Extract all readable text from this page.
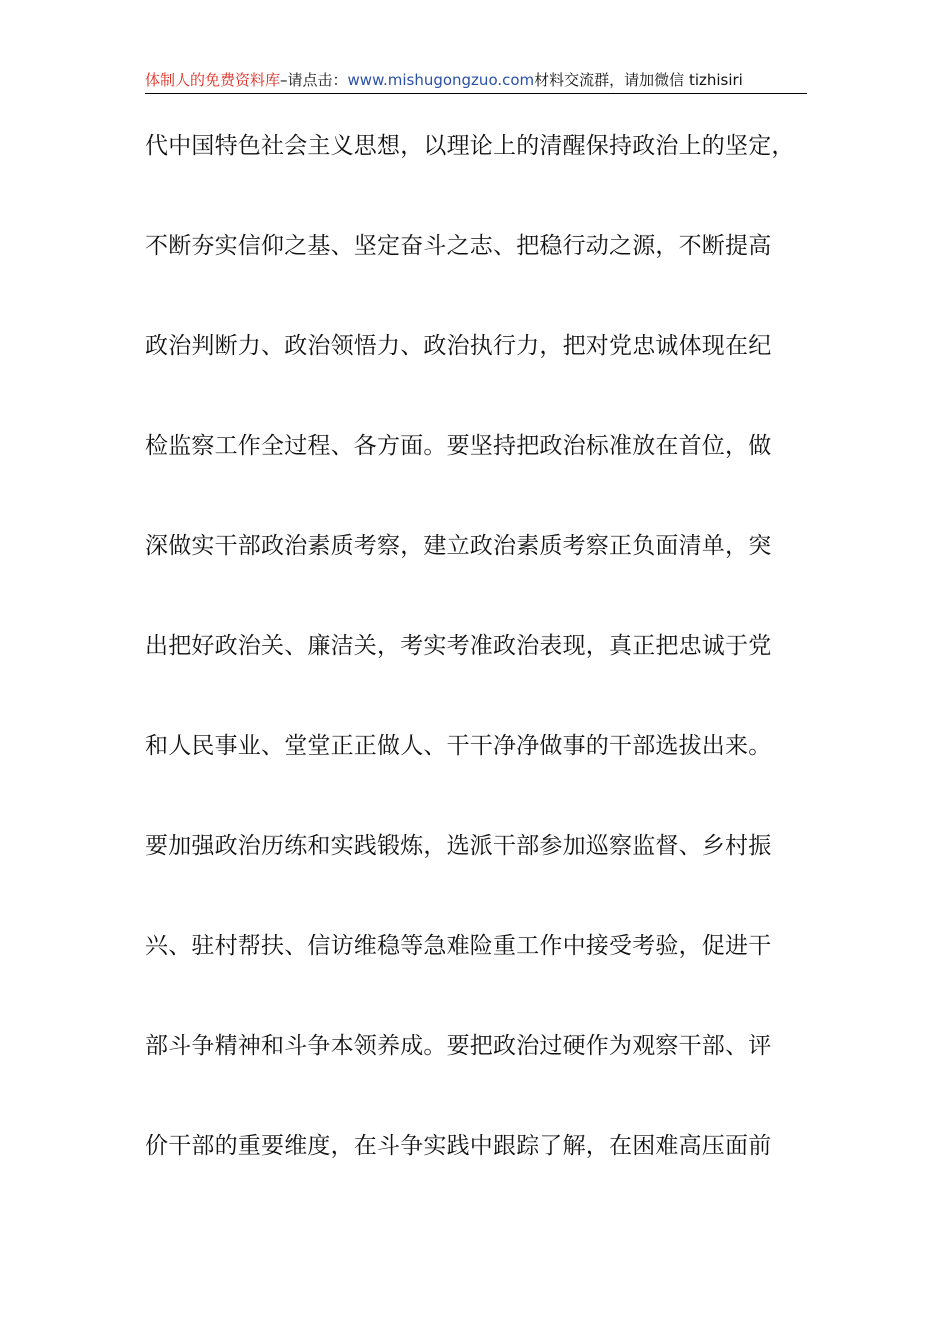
体制人的免费资料库–请点击：www.mishugongzuo.com材料交流群，请加微信 tizhisiri
代中国特色社会主义思想，以理论上的清醒保持政治上的坚定，
不断夯实信仰之基、坚定奋斗之志、把稳行动之源，不断提高
政治判断力、政治领悟力、政治执行力，把对党忠诚体现在纪
检监察工作全过程、各方面。要坚持把政治标准放在首位，做
深做实干部政治素质考察，建立政治素质考察正负面清单，突
出把好政治关、廉洁关，考实考准政治表现，真正把忠诚于党
和人民事业、堂堂正正做人、干干净净做事的干部选拔出来。
要加强政治历练和实践锻炼，选派干部参加巡察监督、乡村振
兴、驻村帮扶、信访维稳等急难险重工作中接受考验，促进干
部斗争精神和斗争本领养成。要把政治过硬作为观察干部、评
价干部的重要维度，在斗争实践中跟踪了解，在困难高压面前
